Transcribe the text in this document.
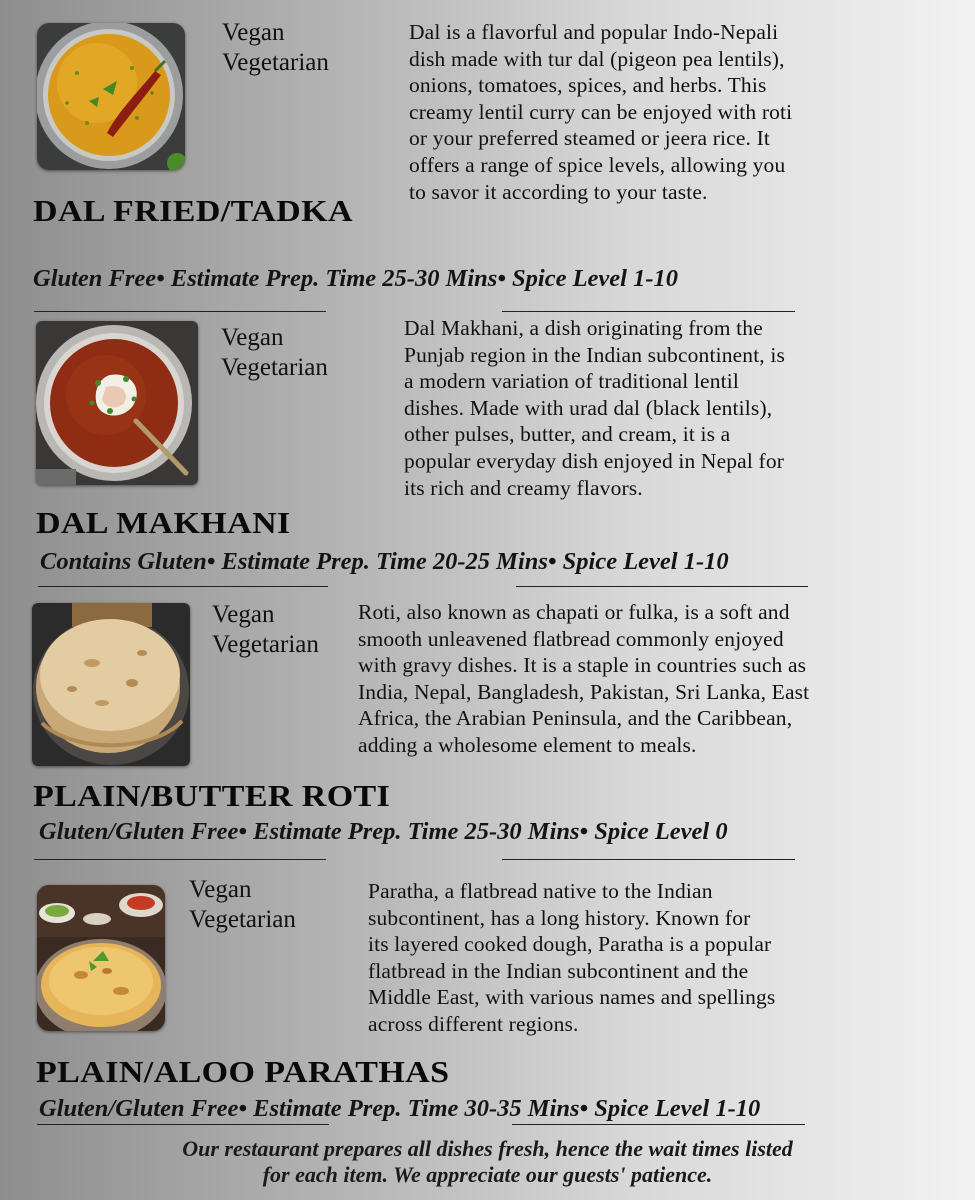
Vegan
Vegetarian
Dal is a flavorful and popular Indo-Nepali
dish made with tur dal (pigeon pea lentils),
onions, tomatoes, spices, and herbs. This
creamy lentil curry can be enjoyed with roti
or your preferred steamed or jeera rice. It
offers a range of spice levels, allowing you
to savor it according to your taste.
DAL FRIED/TADKA
Gluten Free• Estimate Prep. Time 25-30 Mins• Spice Level 1-10
Vegan
Vegetarian
Dal Makhani, a dish originating from the
Punjab region in the Indian subcontinent, is
a modern variation of traditional lentil
dishes. Made with urad dal (black lentils),
other pulses, butter, and cream, it is a
popular everyday dish enjoyed in Nepal for
its rich and creamy flavors.
DAL MAKHANI
Contains Gluten• Estimate Prep. Time 20-25 Mins• Spice Level 1-10
Vegan
Vegetarian
Roti, also known as chapati or fulka, is a soft and
smooth unleavened flatbread commonly enjoyed
with gravy dishes. It is a staple in countries such as
India, Nepal, Bangladesh, Pakistan, Sri Lanka, East
Africa, the Arabian Peninsula, and the Caribbean,
adding a wholesome element to meals.
PLAIN/BUTTER ROTI
Gluten/Gluten Free• Estimate Prep. Time 25-30 Mins• Spice Level 0
Vegan
Vegetarian
Paratha, a flatbread native to the Indian
subcontinent, has a long history. Known for
its layered cooked dough, Paratha is a popular
flatbread in the Indian subcontinent and the
Middle East, with various names and spellings
across different regions.
PLAIN/ALOO PARATHAS
Gluten/Gluten Free• Estimate Prep. Time 30-35 Mins• Spice Level 1-10
Our restaurant prepares all dishes fresh, hence the wait times listed
for each item. We appreciate our guests' patience.
